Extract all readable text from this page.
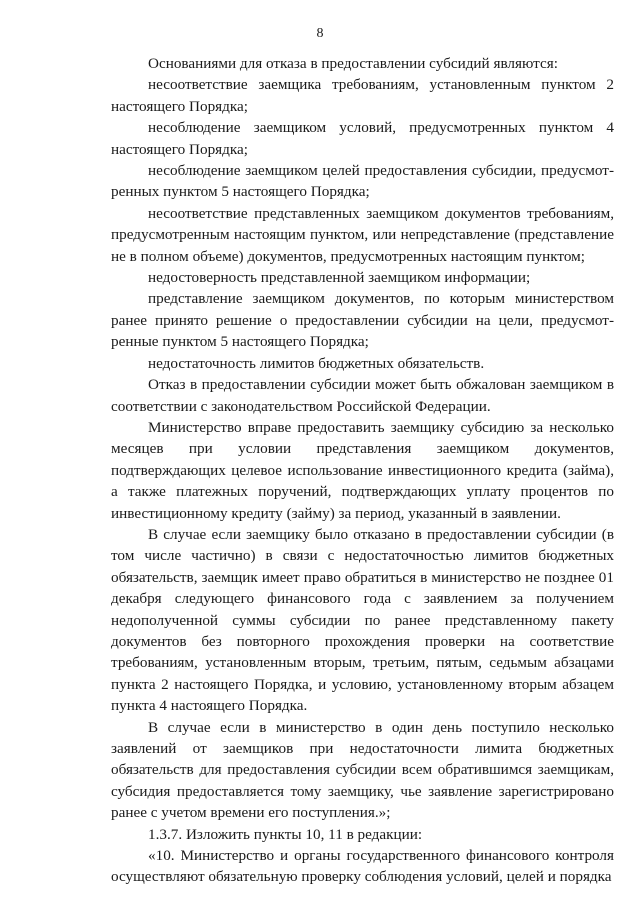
8

Основаниями для отказа в предоставлении субсидий являются:

несоответствие заемщика требованиям, установленным пунктом 2 настоящего Порядка;

несоблюдение заемщиком условий, предусмотренных пунктом 4 настоящего Порядка;

несоблюдение заемщиком целей предоставления субсидии, предусмотренных пунктом 5 настоящего Порядка;

несоответствие представленных заемщиком документов требованиям, предусмотренным настоящим пунктом, или непредставление (представление не в полном объеме) документов, предусмотренных настоящим пунктом;

недостоверность представленной заемщиком информации;

представление заемщиком документов, по которым министерством ранее принято решение о предоставлении субсидии на цели, предусмотренные пунктом 5 настоящего Порядка;

недостаточность лимитов бюджетных обязательств.

Отказ в предоставлении субсидии может быть обжалован заемщиком в соответствии с законодательством Российской Федерации.

Министерство вправе предоставить заемщику субсидию за несколько месяцев при условии представления заемщиком документов, подтверждающих целевое использование инвестиционного кредита (займа), а также платежных поручений, подтверждающих уплату процентов по инвестиционному кредиту (займу) за период, указанный в заявлении.

В случае если заемщику было отказано в предоставлении субсидии (в том числе частично) в связи с недостаточностью лимитов бюджетных обязательств, заемщик имеет право обратиться в министерство не позднее 01 декабря следующего финансового года с заявлением за получением недополученной суммы субсидии по ранее представленному пакету документов без повторного прохождения проверки на соответствие требованиям, установленным вторым, третьим, пятым, седьмым абзацами пункта 2 настоящего Порядка, и условию, установленному вторым абзацем пункта 4 настоящего Порядка.

В случае если в министерство в один день поступило несколько заявлений от заемщиков при недостаточности лимита бюджетных обязательств для предоставления субсидии всем обратившимся заемщикам, субсидия предоставляется тому заемщику, чье заявление зарегистрировано ранее с учетом времени его поступления.»;

1.3.7. Изложить пункты 10, 11 в редакции:

«10. Министерство и органы государственного финансового контроля осуществляют обязательную проверку соблюдения условий, целей и порядка
